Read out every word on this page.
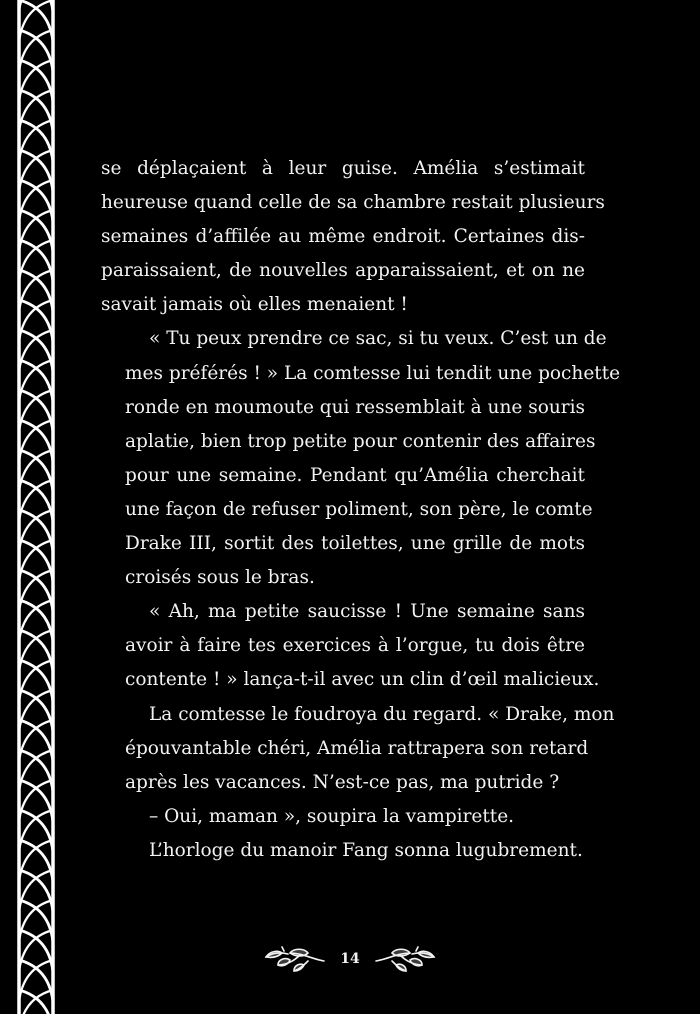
se déplaçaient à leur guise. Amélia s’estimait
heureuse quand celle de sa chambre restait plusieurs
semaines d’affilée au même endroit. Certaines dis-
paraissaient, de nouvelles apparaissaient, et on ne
savait jamais où elles menaient !
« Tu peux prendre ce sac, si tu veux. C’est un de
mes préférés ! » La comtesse lui tendit une pochette
ronde en moumoute qui ressemblait à une souris
aplatie, bien trop petite pour contenir des affaires
pour une semaine. Pendant qu’Amélia cherchait
une façon de refuser poliment, son père, le comte
Drake III, sortit des toilettes, une grille de mots
croisés sous le bras.
« Ah, ma petite saucisse ! Une semaine sans
avoir à faire tes exercices à l’orgue, tu dois être
contente ! » lança-t-il avec un clin d’œil malicieux.
La comtesse le foudroya du regard. « Drake, mon
épouvantable chéri, Amélia rattrapera son retard
après les vacances. N’est-ce pas, ma putride ?
– Oui, maman », soupira la vampirette.
L’horloge du manoir Fang sonna lugubrement.
14
